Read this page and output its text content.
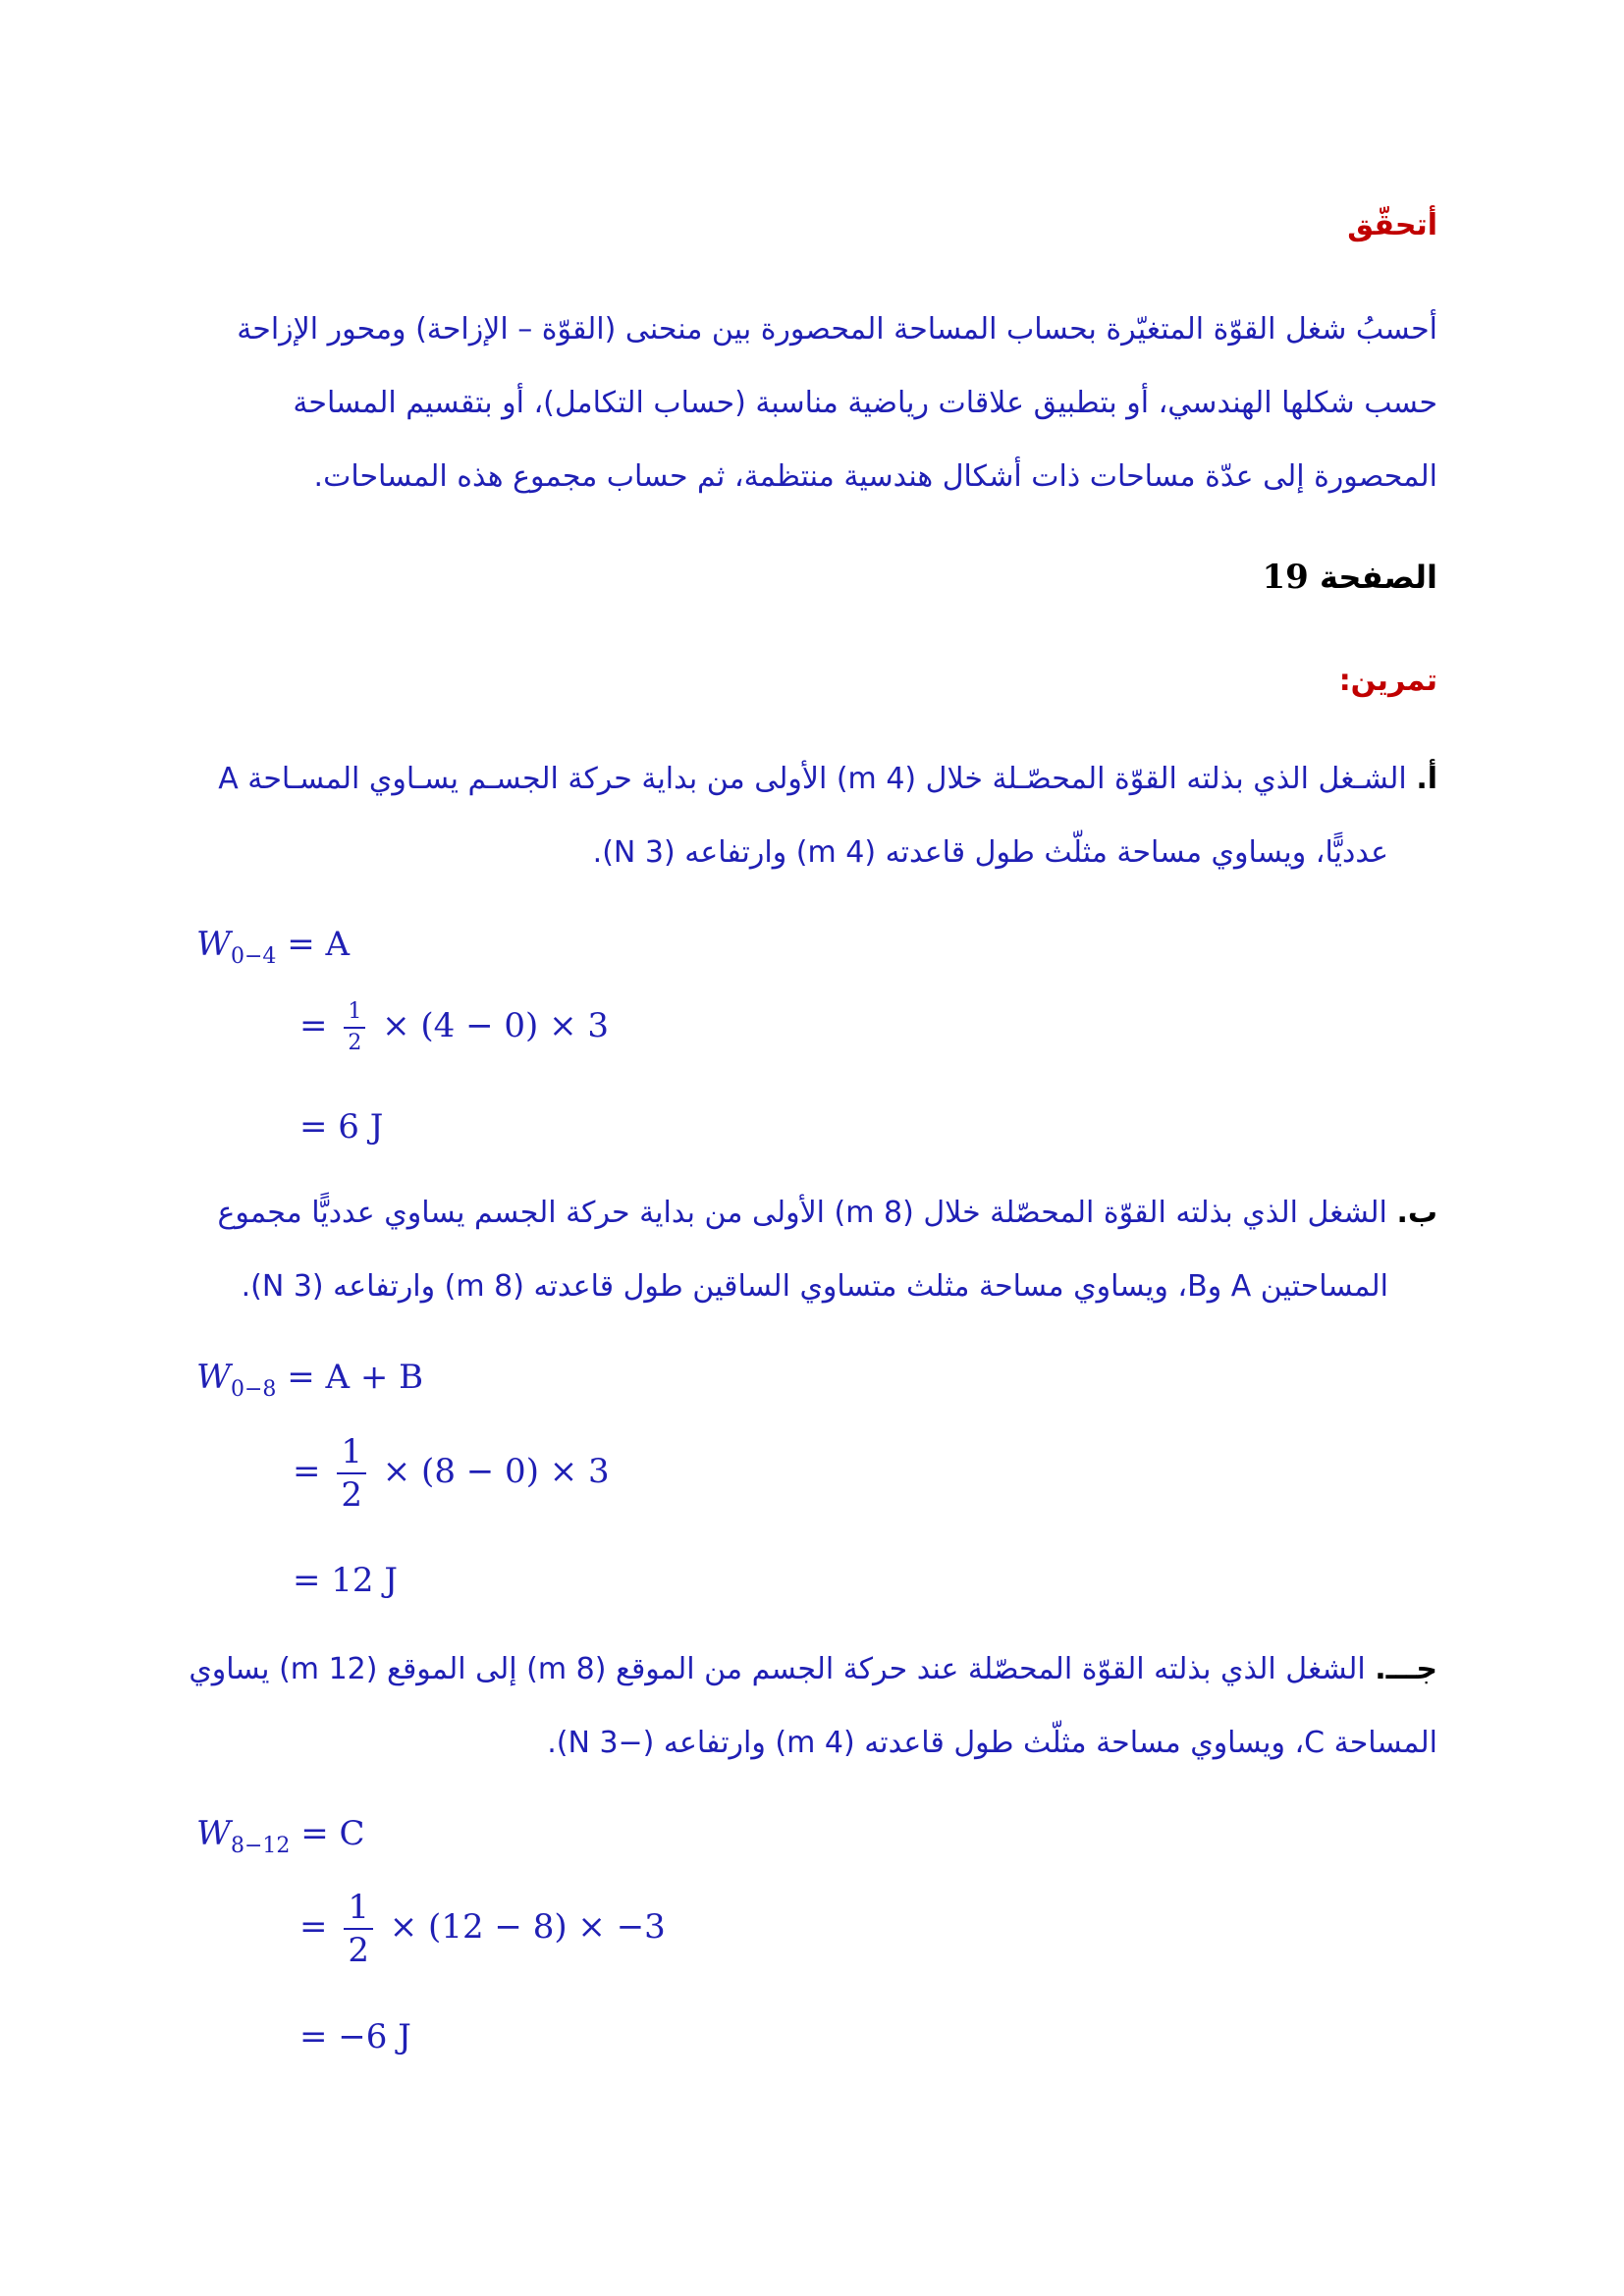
أتحقّق
أحسبُ شغل القوّة المتغيّرة بحساب المساحة المحصورة بين منحنى (القوّة – الإزاحة) ومحور الإزاحة
حسب شكلها الهندسي، أو بتطبيق علاقات رياضية مناسبة (حساب التكامل)، أو بتقسيم المساحة
المحصورة إلى عدّة مساحات ذات أشكال هندسية منتظمة، ثم حساب مجموع هذه المساحات.
الصفحة 19
تمرين:
أ. الشـغل الذي بذلته القوّة المحصّـلة خلال (4 m) الأولى من بداية حركة الجسـم يسـاوي المسـاحة A
عدديًّا، ويساوي مساحة مثلّث طول قاعدته (4 m) وارتفاعه (3 N).
$W_{0-4} = A$
= $\frac{1}{2} \times (4 - 0) \times 3$
= 6 J
ب. الشغل الذي بذلته القوّة المحصّلة خلال (8 m) الأولى من بداية حركة الجسم يساوي عدديًّا مجموع
المساحتين A وB، ويساوي مساحة مثلث متساوي الساقين طول قاعدته (8 m) وارتفاعه (3 N).
$W_{0-8} = A + B$
= $\frac{1}{2} \times (8 - 0) \times 3$
= 12 J
جـــ. الشغل الذي بذلته القوّة المحصّلة عند حركة الجسم من الموقع (8 m) إلى الموقع (12 m) يساوي
المساحة C، ويساوي مساحة مثلّث طول قاعدته (4 m) وارتفاعه (−3 N).
$W_{8-12} = C$
= $\frac{1}{2} \times (12 - 8) \times -3$
= −6 J
